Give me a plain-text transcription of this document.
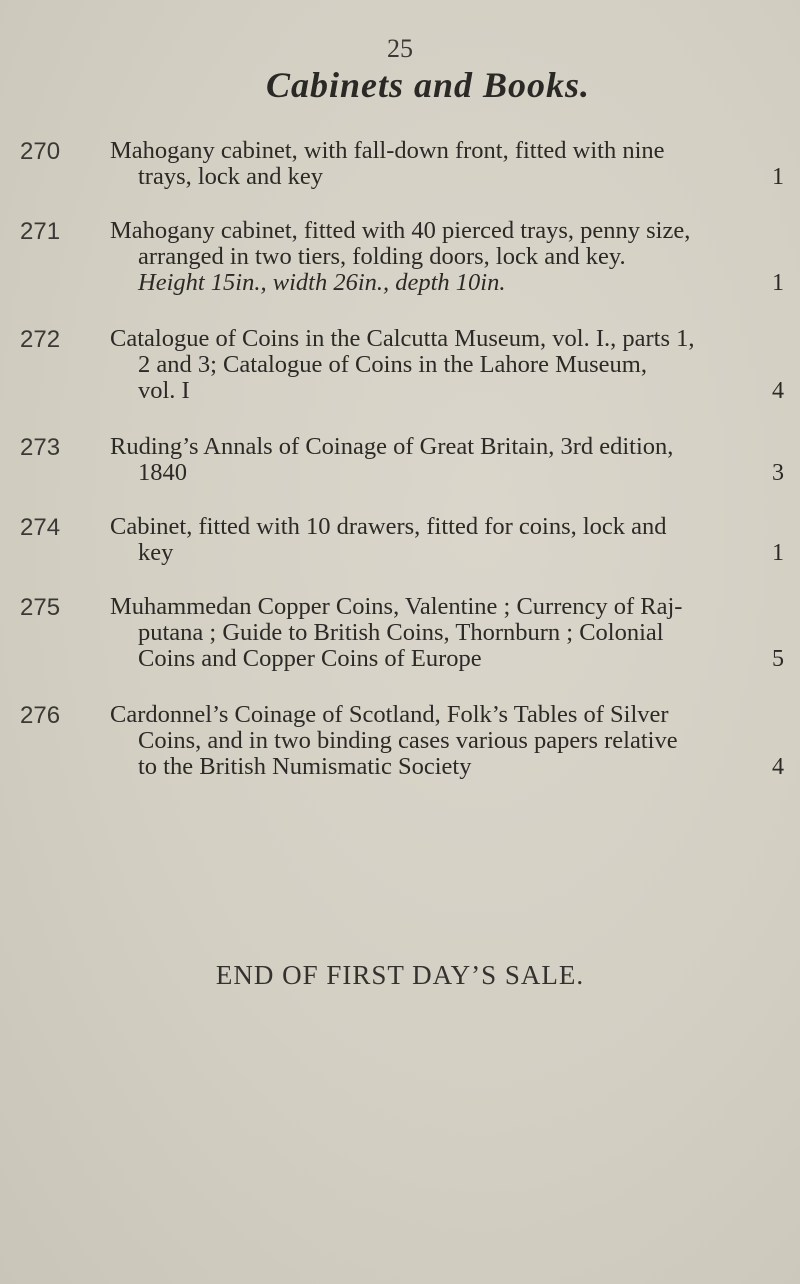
25
Cabinets and Books.
270	Mahogany cabinet, with fall-down front, fitted with nine
trays, lock and key	1
271	Mahogany cabinet, fitted with 40 pierced trays, penny size,
arranged in two tiers, folding doors, lock and key.
Height 15in., width 26in., depth 10in.	1
272	Catalogue of Coins in the Calcutta Museum, vol. I., parts 1,
2 and 3; Catalogue of Coins in the Lahore Museum,
vol. I	4
273	Ruding’s Annals of Coinage of Great Britain, 3rd edition,
1840	3
274	Cabinet, fitted with 10 drawers, fitted for coins, lock and
key	1
275	Muhammedan Copper Coins, Valentine ; Currency of Raj-
putana ; Guide to British Coins, Thornburn ; Colonial
Coins and Copper Coins of Europe	5
276	Cardonnel’s Coinage of Scotland, Folk’s Tables of Silver
Coins, and in two binding cases various papers relative
to the British Numismatic Society	4
END OF FIRST DAY’S SALE.
